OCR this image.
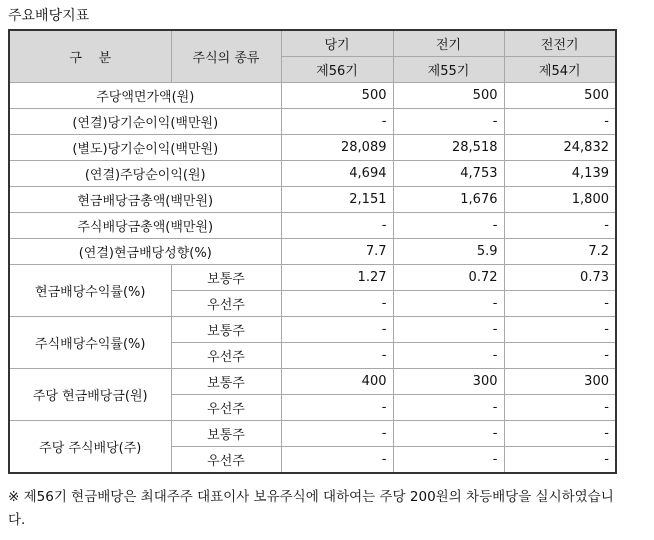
주요배당지표
구    분	주식의 종류	당기	전기	전전기
		제56기	제55기	제54기
주당액면가액(원)		500	500	500
(연결)당기순이익(백만원)		-	-	-
(별도)당기순이익(백만원)		28,089	28,518	24,832
(연결)주당순이익(원)		4,694	4,753	4,139
현금배당금총액(백만원)		2,151	1,676	1,800
주식배당금총액(백만원)		-	-	-
(연결)현금배당성향(%)		7.7	5.9	7.2
현금배당수익률(%)	보통주	1.27	0.72	0.73
	우선주	-	-	-
주식배당수익률(%)	보통주	-	-	-
	우선주	-	-	-
주당 현금배당금(원)	보통주	400	300	300
	우선주	-	-	-
주당 주식배당(주)	보통주	-	-	-
	우선주	-	-	-
※ 제56기 현금배당은 최대주주 대표이사 보유주식에 대하여는 주당 200원의 차등배당을 실시하였습니다.
